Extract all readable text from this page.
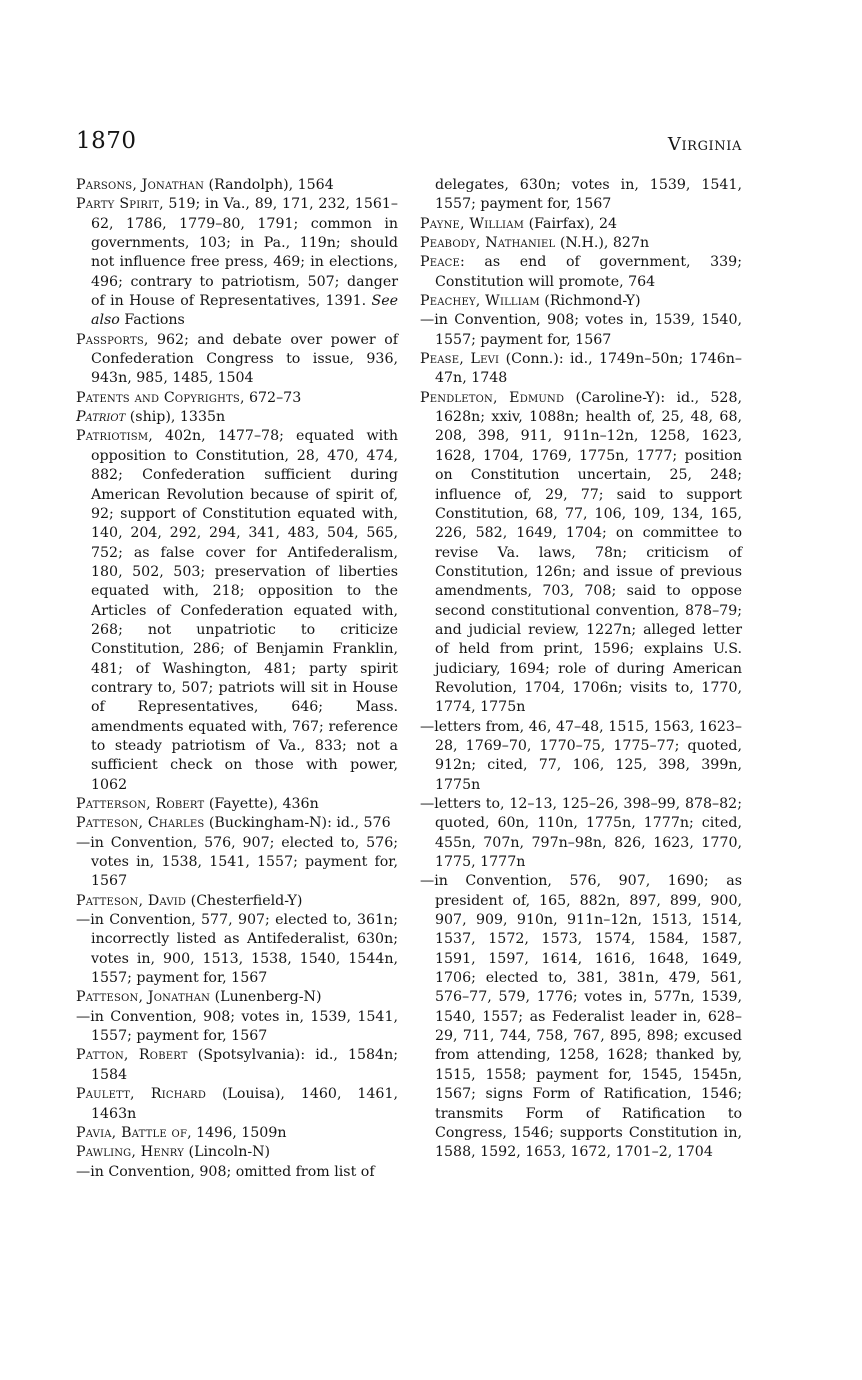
1870	Virginia

Parsons, Jonathan (Randolph), 1564

Party Spirit, 519; in Va., 89, 171, 232, 1561–62, 1786, 1779–80, 1791; common in governments, 103; in Pa., 119n; should not influence free press, 469; in elections, 496; contrary to patriotism, 507; danger of in House of Representatives, 1391. See also Factions

Passports, 962; and debate over power of Confederation Congress to issue, 936, 943n, 985, 1485, 1504

Patents and Copyrights, 672–73

Patriot (ship), 1335n

Patriotism, 402n, 1477–78; equated with opposition to Constitution, 28, 470, 474, 882; Confederation sufficient during American Revolution because of spirit of, 92; support of Constitution equated with, 140, 204, 292, 294, 341, 483, 504, 565, 752; as false cover for Antifederalism, 180, 502, 503; preservation of liberties equated with, 218; opposition to the Articles of Confederation equated with, 268; not unpatriotic to criticize Constitution, 286; of Benjamin Franklin, 481; of Washington, 481; party spirit contrary to, 507; patriots will sit in House of Representatives, 646; Mass. amendments equated with, 767; reference to steady patriotism of Va., 833; not a sufficient check on those with power, 1062

Patterson, Robert (Fayette), 436n

Patteson, Charles (Buckingham-N): id., 576

—in Convention, 576, 907; elected to, 576; votes in, 1538, 1541, 1557; payment for, 1567

Patteson, David (Chesterfield-Y)

—in Convention, 577, 907; elected to, 361n; incorrectly listed as Antifederalist, 630n; votes in, 900, 1513, 1538, 1540, 1544n, 1557; payment for, 1567

Patteson, Jonathan (Lunenberg-N)

—in Convention, 908; votes in, 1539, 1541, 1557; payment for, 1567

Patton, Robert (Spotsylvania): id., 1584n; 1584

Paulett, Richard (Louisa), 1460, 1461, 1463n

Pavia, Battle of, 1496, 1509n

Pawling, Henry (Lincoln-N)

—in Convention, 908; omitted from list of

delegates, 630n; votes in, 1539, 1541, 1557; payment for, 1567

Payne, William (Fairfax), 24

Peabody, Nathaniel (N.H.), 827n

Peace: as end of government, 339; Constitution will promote, 764

Peachey, William (Richmond-Y)

—in Convention, 908; votes in, 1539, 1540, 1557; payment for, 1567

Pease, Levi (Conn.): id., 1749n–50n; 1746n–47n, 1748

Pendleton, Edmund (Caroline-Y): id., 528, 1628n; xxiv, 1088n; health of, 25, 48, 68, 208, 398, 911, 911n–12n, 1258, 1623, 1628, 1704, 1769, 1775n, 1777; position on Constitution uncertain, 25, 248; influence of, 29, 77; said to support Constitution, 68, 77, 106, 109, 134, 165, 226, 582, 1649, 1704; on committee to revise Va. laws, 78n; criticism of Constitution, 126n; and issue of previous amendments, 703, 708; said to oppose second constitutional convention, 878–79; and judicial review, 1227n; alleged letter of held from print, 1596; explains U.S. judiciary, 1694; role of during American Revolution, 1704, 1706n; visits to, 1770, 1774, 1775n

—letters from, 46, 47–48, 1515, 1563, 1623–28, 1769–70, 1770–75, 1775–77; quoted, 912n; cited, 77, 106, 125, 398, 399n, 1775n

—letters to, 12–13, 125–26, 398–99, 878–82; quoted, 60n, 110n, 1775n, 1777n; cited, 455n, 707n, 797n–98n, 826, 1623, 1770, 1775, 1777n

—in Convention, 576, 907, 1690; as president of, 165, 882n, 897, 899, 900, 907, 909, 910n, 911n–12n, 1513, 1514, 1537, 1572, 1573, 1574, 1584, 1587, 1591, 1597, 1614, 1616, 1648, 1649, 1706; elected to, 381, 381n, 479, 561, 576–77, 579, 1776; votes in, 577n, 1539, 1540, 1557; as Federalist leader in, 628–29, 711, 744, 758, 767, 895, 898; excused from attending, 1258, 1628; thanked by, 1515, 1558; payment for, 1545, 1545n, 1567; signs Form of Ratification, 1546; transmits Form of Ratification to Congress, 1546; supports Constitution in, 1588, 1592, 1653, 1672, 1701–2, 1704
